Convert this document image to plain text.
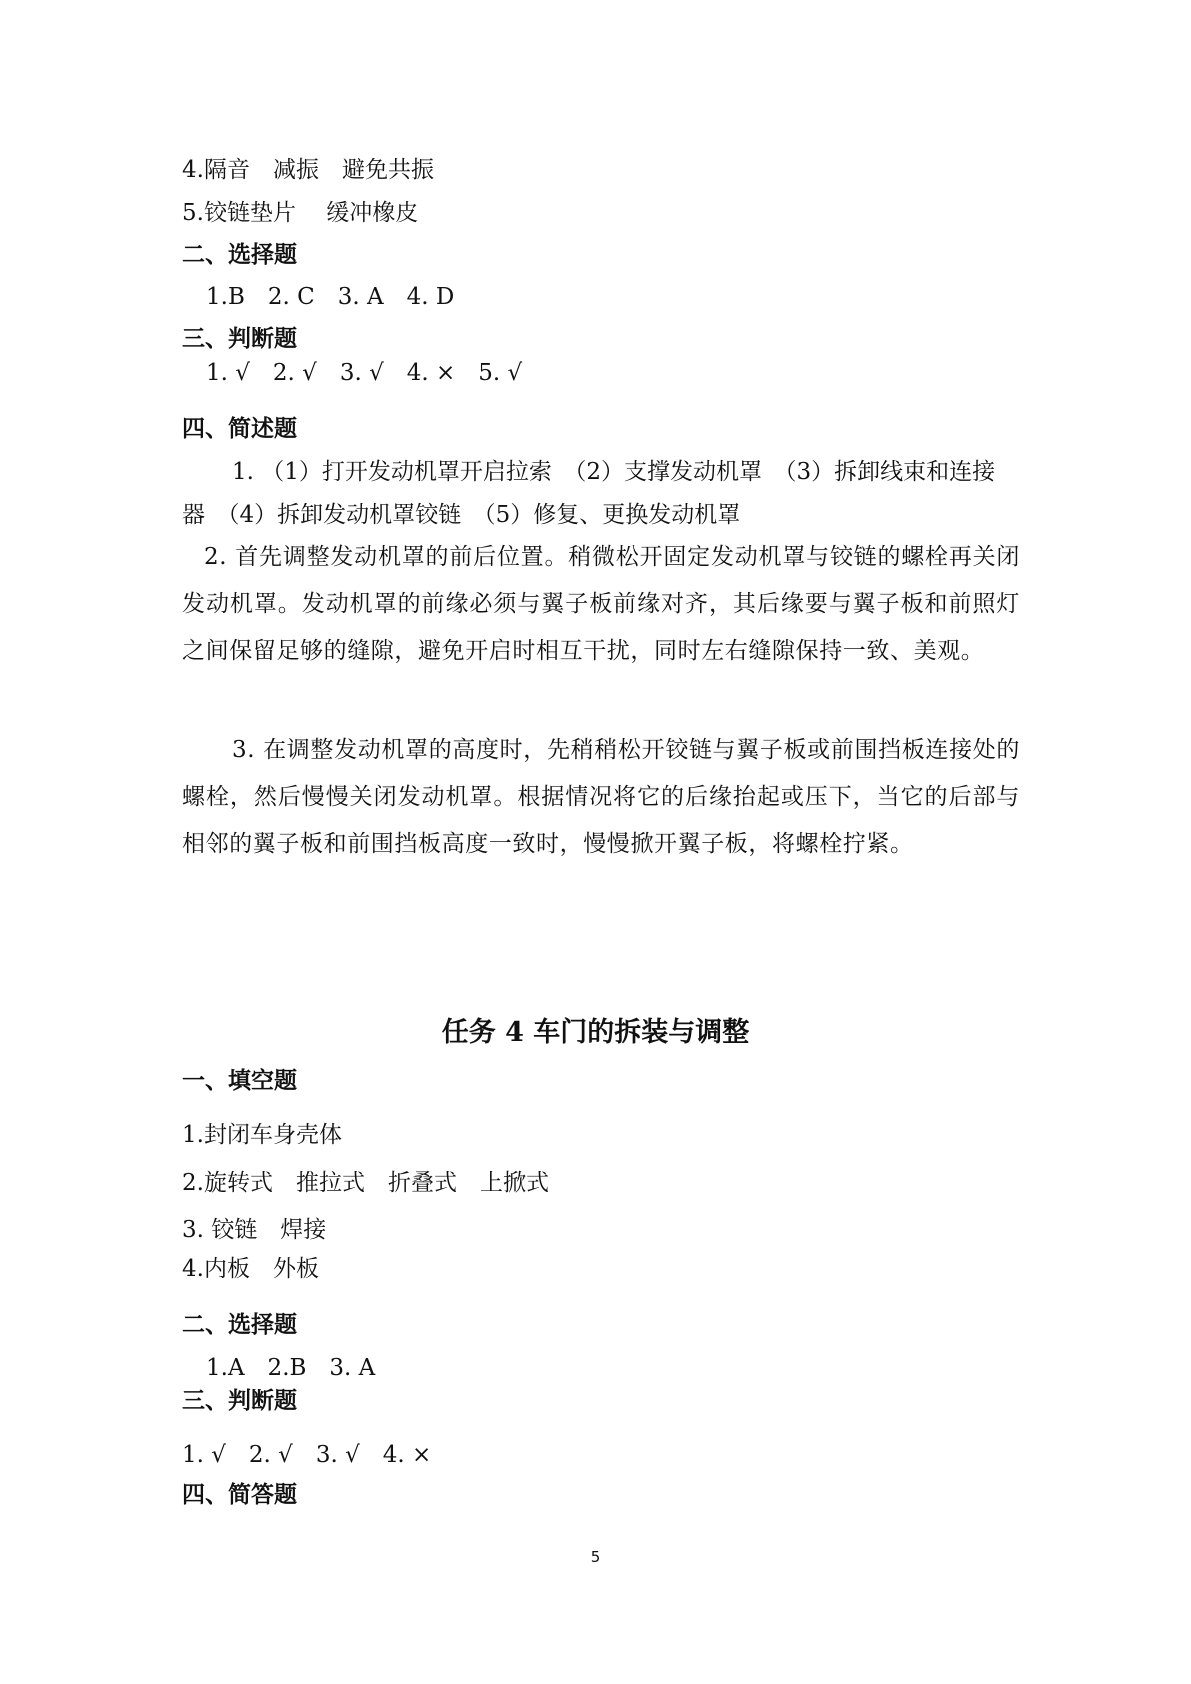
4.隔音　减振　避免共振
5.铰链垫片　 缓冲橡皮
二、选择题
1.B　2. C　3. A　4. D
三、判断题
1. √　2. √　3. √　4. ×　5. √
四、简述题
1. （1）打开发动机罩开启拉索　（2）支撑发动机罩　（3）拆卸线束和连接
器　（4）拆卸发动机罩铰链　（5）修复、更换发动机罩
2. 首先调整发动机罩的前后位置。稍微松开固定发动机罩与铰链的螺栓再关闭发动机罩。发动机罩的前缘必须与翼子板前缘对齐，其后缘要与翼子板和前照灯之间保留足够的缝隙，避免开启时相互干扰，同时左右缝隙保持一致、美观。
3. 在调整发动机罩的高度时，先稍稍松开铰链与翼子板或前围挡板连接处的螺栓，然后慢慢关闭发动机罩。根据情况将它的后缘抬起或压下，当它的后部与相邻的翼子板和前围挡板高度一致时，慢慢掀开翼子板，将螺栓拧紧。
任务 4 车门的拆装与调整
一、填空题
1.封闭车身壳体
2.旋转式　推拉式　折叠式　上掀式
3. 铰链　焊接
4.内板　外板
二、选择题
1.A　2.B　3. A
三、判断题
1. √　2. √　3. √　4. ×
四、简答题
5
